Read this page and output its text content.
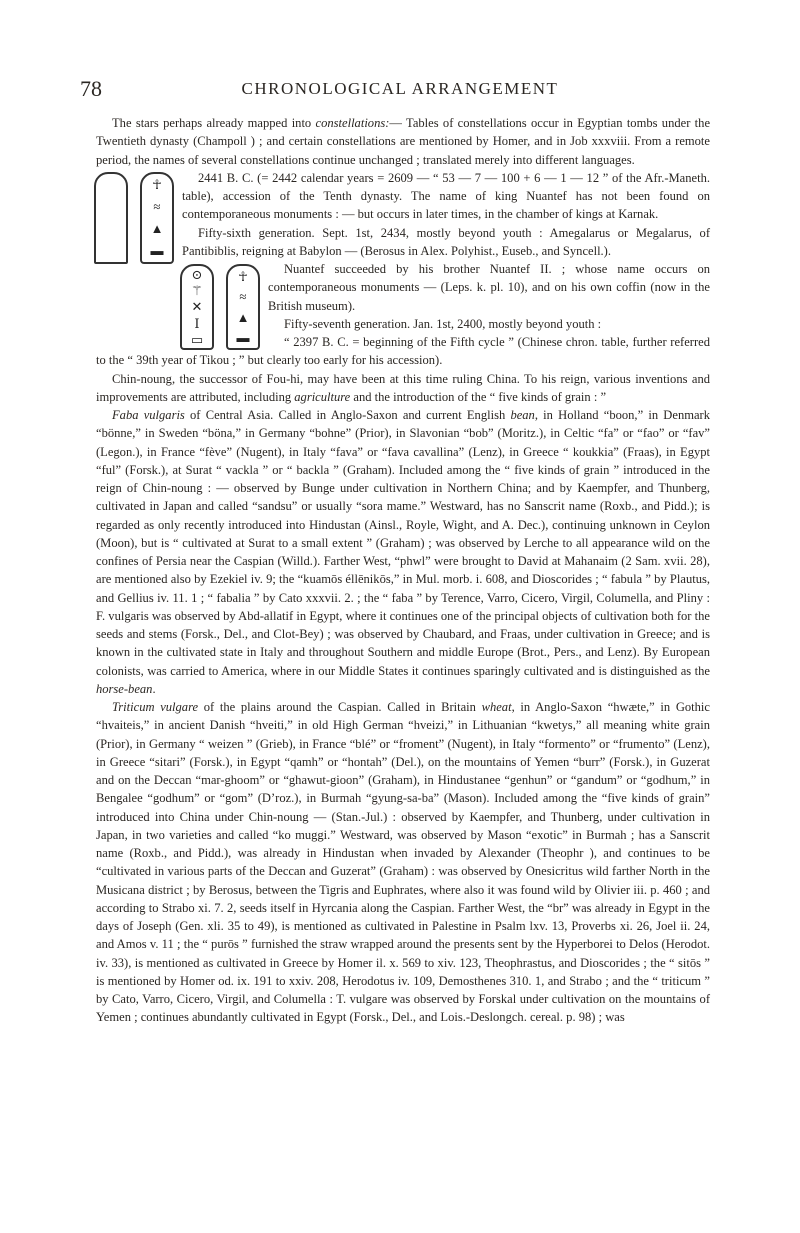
78	CHRONOLOGICAL ARRANGEMENT

The stars perhaps already mapped into constellations:— Tables of constellations occur in Egyptian tombs under the Twentieth dynasty (Champoll ) ; and certain constellations are mentioned by Homer, and in Job xxxviii. From a remote period, the names of several constellations continue unchanged ; translated merely into different languages.

☥
≈
▲
▬

2441 B. C. (= 2442 calendar years = 2609 — “ 53 — 7 — 100 + 6 — 1 — 12 ” of the Afr.-Maneth. table), accession of the Tenth dynasty. The name of king Nuantef has not been found on contemporaneous monuments : — but occurs in later times, in the chamber of kings at Karnak.

Fifty-sixth generation. Sept. 1st, 2434, mostly beyond youth : Amegalarus or Megalarus, of Pantibiblis, reigning at Babylon — (Berosus in Alex. Polyhist., Euseb., and Syncell.).

⊙
⚚
✕
Ⅰ
▭
☥
≈
▲
▬

Nuantef succeeded by his brother Nuantef II. ; whose name occurs on contemporaneous monuments — (Leps. k. pl. 10), and on his own coffin (now in the British museum).

Fifty-seventh generation. Jan. 1st, 2400, mostly beyond youth :

“ 2397 B. C. = beginning of the Fifth cycle ” (Chinese chron. table, further referred to the “ 39th year of Tikou ; ” but clearly too early for his accession).

Chin-noung, the successor of Fou-hi, may have been at this time ruling China. To his reign, various inventions and improvements are attributed, including agriculture and the introduction of the “ five kinds of grain : ”

Faba vulgaris of Central Asia. Called in Anglo-Saxon and current English bean, in Holland “boon,” in Denmark “bönne,” in Sweden “böna,” in Germany “bohne” (Prior), in Slavonian “bob” (Moritz.), in Celtic “fa” or “fao” or “fav” (Legon.), in France “fève” (Nugent), in Italy “fava” or “fava cavallina” (Lenz), in Greece “ koukkia” (Fraas), in Egypt “ful” (Forsk.), at Surat “ vackla ” or “ backla ” (Graham). Included among the “ five kinds of grain ” introduced in the reign of Chin-noung : — observed by Bunge under cultivation in Northern China; and by Kaempfer, and Thunberg, cultivated in Japan and called “sandsu” or usually “sora mame.” Westward, has no Sanscrit name (Roxb., and Pidd.); is regarded as only recently introduced into Hindustan (Ainsl., Royle, Wight, and A. Dec.), continuing unknown in Ceylon (Moon), but is “ cultivated at Surat to a small extent ” (Graham) ; was observed by Lerche to all appearance wild on the confines of Persia near the Caspian (Willd.). Farther West, “phwl” were brought to David at Mahanaim (2 Sam. xvii. 28), are mentioned also by Ezekiel iv. 9; the “kuamōs éllēnikōs,” in Mul. morb. i. 608, and Dioscorides ; “ fabula ” by Plautus, and Gellius iv. 11. 1 ; “ fabalia ” by Cato xxxvii. 2. ; the “ faba ” by Terence, Varro, Cicero, Virgil, Columella, and Pliny : F. vulgaris was observed by Abd-allatif in Egypt, where it continues one of the principal objects of cultivation both for the seeds and stems (Forsk., Del., and Clot-Bey) ; was observed by Chaubard, and Fraas, under cultivation in Greece; and is known in the cultivated state in Italy and throughout Southern and middle Europe (Brot., Pers., and Lenz). By European colonists, was carried to America, where in our Middle States it continues sparingly cultivated and is distinguished as the horse-bean.

Triticum vulgare of the plains around the Caspian. Called in Britain wheat, in Anglo-Saxon “hwæte,” in Gothic “hvaiteis,” in ancient Danish “hveiti,” in old High German “hveizi,” in Lithuanian “kwetys,” all meaning white grain (Prior), in Germany “ weizen ” (Grieb), in France “blé” or “froment” (Nugent), in Italy “formento” or “frumento” (Lenz), in Greece “sitari” (Forsk.), in Egypt “qamh” or “hontah” (Del.), on the mountains of Yemen “burr” (Forsk.), in Guzerat and on the Deccan “mar-ghoom” or “ghawut-gioon” (Graham), in Hindustanee “genhun” or “gandum” or “godhum,” in Bengalee “godhum” or “gom” (D’roz.), in Burmah “gyung-sa-ba” (Mason). Included among the “five kinds of grain” introduced into China under Chin-noung — (Stan.-Jul.) : observed by Kaempfer, and Thunberg, under cultivation in Japan, in two varieties and called “ko muggi.” Westward, was observed by Mason “exotic” in Burmah ; has a Sanscrit name (Roxb., and Pidd.), was already in Hindustan when invaded by Alexander (Theophr ), and continues to be “cultivated in various parts of the Deccan and Guzerat” (Graham) : was observed by Onesicritus wild farther North in the Musicana district ; by Berosus, between the Tigris and Euphrates, where also it was found wild by Olivier iii. p. 460 ; and according to Strabo xi. 7. 2, seeds itself in Hyrcania along the Caspian. Farther West, the “br” was already in Egypt in the days of Joseph (Gen. xli. 35 to 49), is mentioned as cultivated in Palestine in Psalm lxv. 13, Proverbs xi. 26, Joel ii. 24, and Amos v. 11 ; the “ purōs ” furnished the straw wrapped around the presents sent by the Hyperborei to Delos (Herodot. iv. 33), is mentioned as cultivated in Greece by Homer il. x. 569 to xiv. 123, Theophrastus, and Dioscorides ; the “ sitōs ” is mentioned by Homer od. ix. 191 to xxiv. 208, Herodotus iv. 109, Demosthenes 310. 1, and Strabo ; and the “ triticum ” by Cato, Varro, Cicero, Virgil, and Columella : T. vulgare was observed by Forskal under cultivation on the mountains of Yemen ; continues abundantly cultivated in Egypt (Forsk., Del., and Lois.-Deslongch. cereal. p. 98) ; was
